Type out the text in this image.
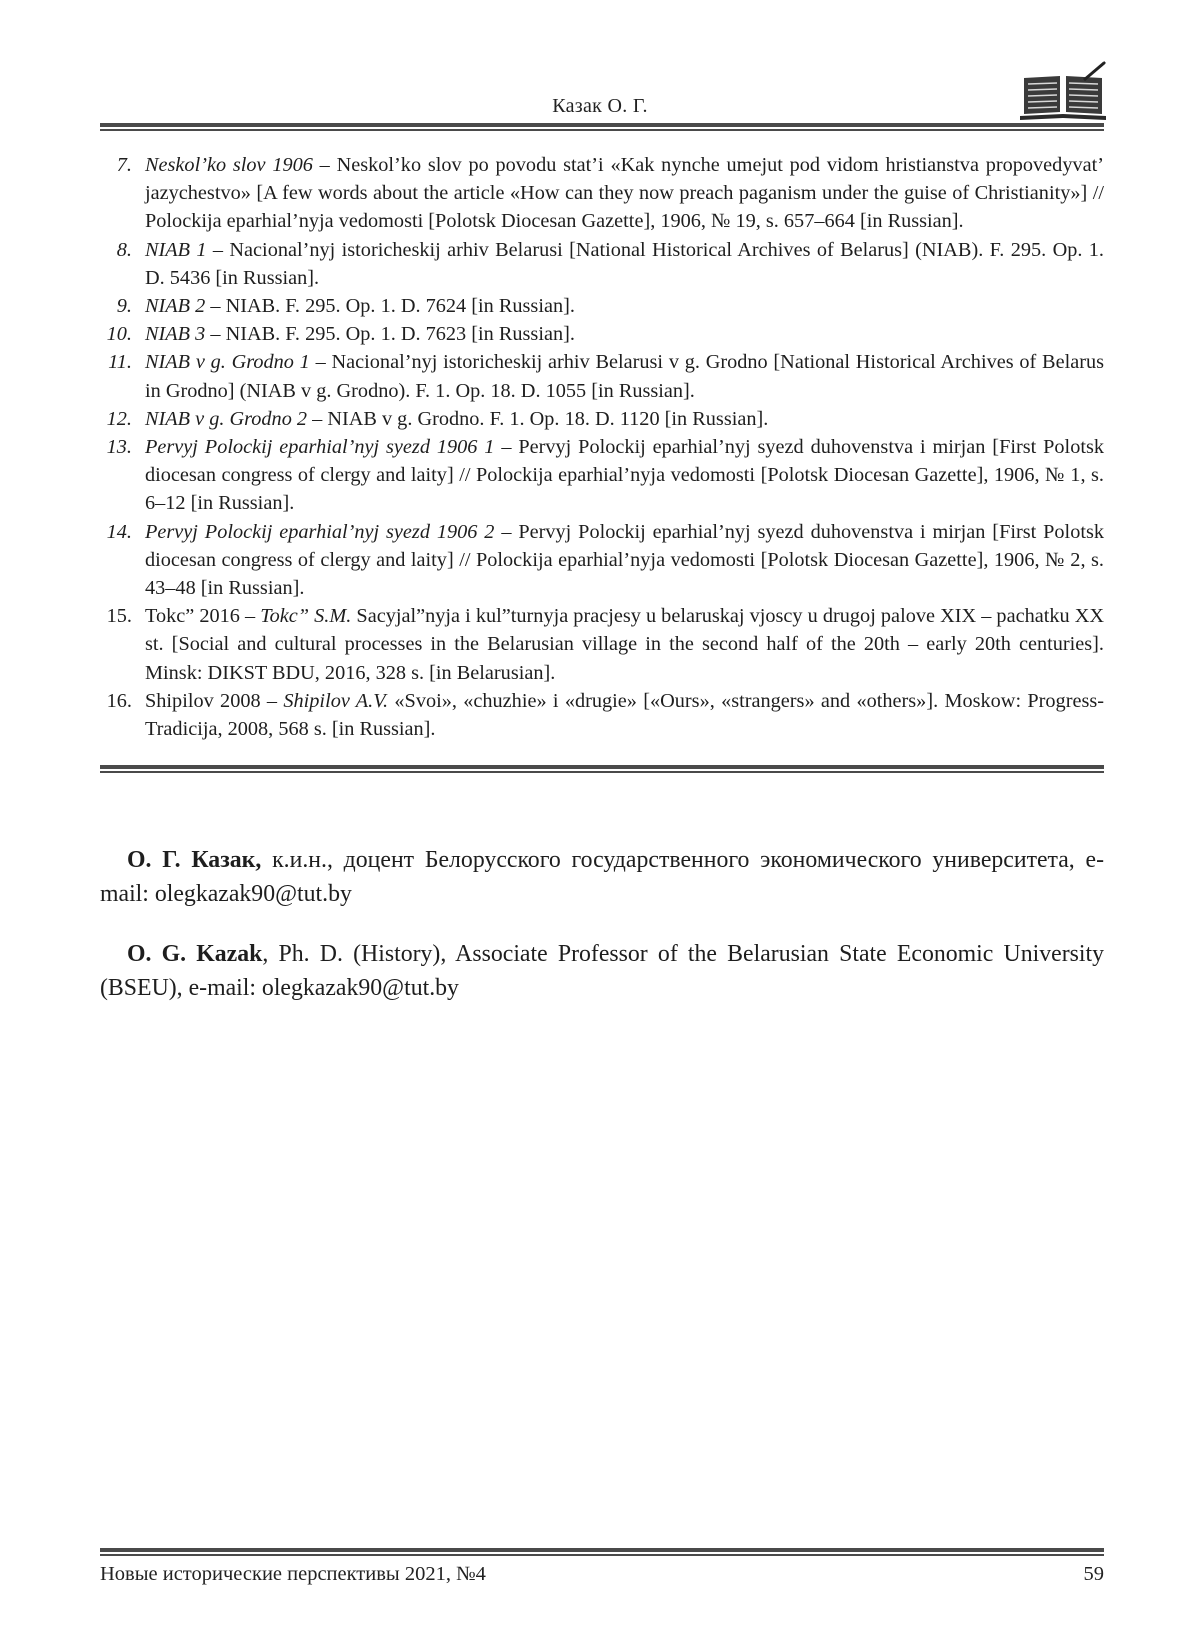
Казак О. Г.
7. Neskol’ko slov 1906 – Neskol’ko slov po povodu stat’i «Kak nynche umejut pod vidom hristianstva propovedyvat’ jazychestvo» [A few words about the article «How can they now preach paganism under the guise of Christianity»] // Polockija eparhial’nyja vedomosti [Polotsk Diocesan Gazette], 1906, № 19, s. 657–664 [in Russian].
8. NIAB 1 – Nacional’nyj istoricheskij arhiv Belarusi [National Historical Archives of Belarus] (NIAB). F. 295. Op. 1. D. 5436 [in Russian].
9. NIAB 2 – NIAB. F. 295. Op. 1. D. 7624 [in Russian].
10. NIAB 3 – NIAB. F. 295. Op. 1. D. 7623 [in Russian].
11. NIAB v g. Grodno 1 – Nacional’nyj istoricheskij arhiv Belarusi v g. Grodno [National Historical Archives of Belarus in Grodno] (NIAB v g. Grodno). F. 1. Op. 18. D. 1055 [in Russian].
12. NIAB v g. Grodno 2 – NIAB v g. Grodno. F. 1. Op. 18. D. 1120 [in Russian].
13. Pervyj Polockij eparhial’nyj syezd 1906 1 – Pervyj Polockij eparhial’nyj syezd duhovenstva i mirjan [First Polotsk diocesan congress of clergy and laity] // Polockija eparhial’nyja vedomosti [Polotsk Diocesan Gazette], 1906, № 1, s. 6–12 [in Russian].
14. Pervyj Polockij eparhial’nyj syezd 1906 2 – Pervyj Polockij eparhial’nyj syezd duhovenstva i mirjan [First Polotsk diocesan congress of clergy and laity] // Polockija eparhial’nyja vedomosti [Polotsk Diocesan Gazette], 1906, № 2, s. 43–48 [in Russian].
15. Tokc” 2016 – Tokc” S.M. Sacyjal”nyja i kul”turnyja pracjesy u belaruskaj vjoscy u drugoj palove XIX – pachatku XX st. [Social and cultural processes in the Belarusian village in the second half of the 20th – early 20th centuries]. Minsk: DIKST BDU, 2016, 328 s. [in Belarusian].
16. Shipilov 2008 – Shipilov A.V. «Svoi», «chuzhie» i «drugie» [«Ours», «strangers» and «others»]. Moskow: Progress-Tradicija, 2008, 568 s. [in Russian].

О. Г. Казак, к.и.н., доцент Белорусского государственного экономического университета, e-mail: olegkazak90@tut.by

O. G. Kazak, Ph. D. (History), Associate Professor of the Belarusian State Economic University (BSEU), e-mail: olegkazak90@tut.by

Новые исторические перспективы 2021, №4	59
